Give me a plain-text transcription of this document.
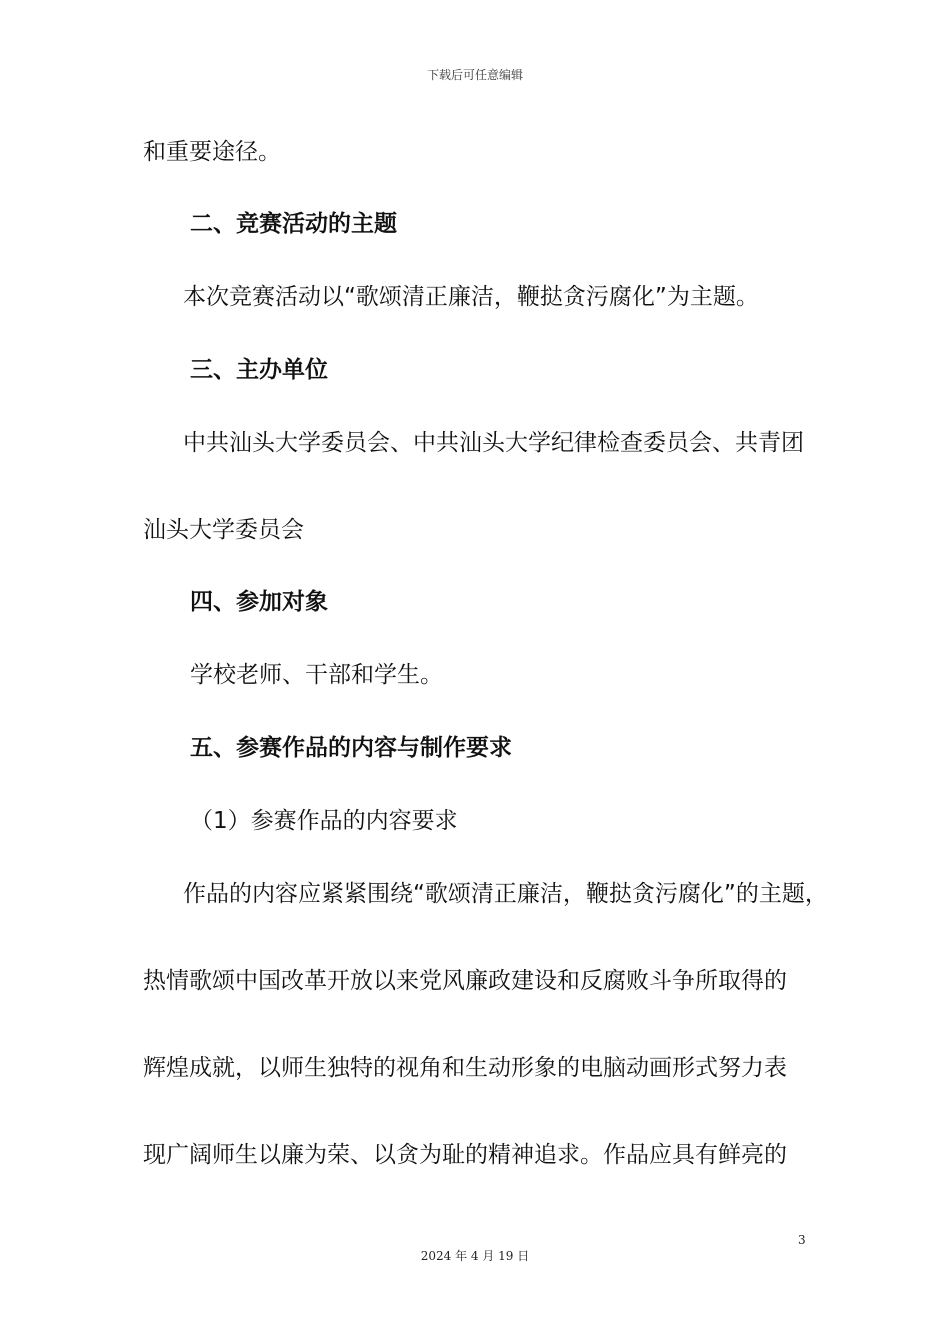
下载后可任意编辑
和重要途径。
二、竞赛活动的主题
本次竞赛活动以“歌颂清正廉洁，鞭挞贪污腐化”为主题。
三、主办单位
中共汕头大学委员会、中共汕头大学纪律检查委员会、共青团
汕头大学委员会
四、参加对象
学校老师、干部和学生。
五、参赛作品的内容与制作要求
（1）参赛作品的内容要求
作品的内容应紧紧围绕“歌颂清正廉洁，鞭挞贪污腐化”的主题，
热情歌颂中国改革开放以来党风廉政建设和反腐败斗争所取得的
辉煌成就，以师生独特的视角和生动形象的电脑动画形式努力表
现广阔师生以廉为荣、以贪为耻的精神追求。作品应具有鲜亮的
3
2024 年 4 月 19 日
